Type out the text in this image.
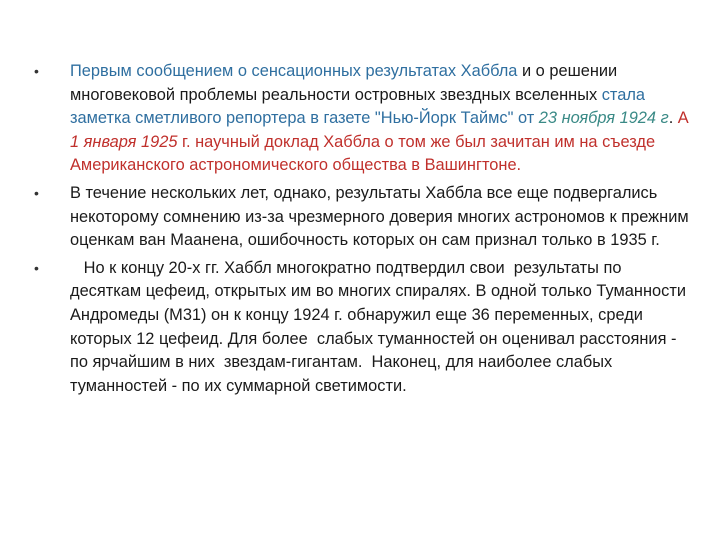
•	Первым сообщением о сенсационных результатах Хаббла и о решении многовековой проблемы реальности островных звездных вселенных стала заметка сметливого репортера в газете "Нью-Йорк Таймс" от 23 ноября 1924 г. А 1 января 1925 г. научный доклад Хаббла о том же был зачитан им на съезде Американского астрономического общества в Вашингтоне.
•	В течение нескольких лет, однако, результаты Хаббла все еще подвергались некоторому сомнению из-за чрезмерного доверия многих астрономов к прежним оценкам ван Маанена, ошибочность которых он сам признал только в 1935 г.
•	Но к концу 20-х гг. Хаббл многократно подтвердил свои  результаты по десяткам цефеид, открытых им во многих спиралях. В одной только Туманности Андромеды (М31) он к концу 1924 г. обнаружил еще 36 переменных, среди которых 12 цефеид. Для более  слабых туманностей он оценивал расстояния - по ярчайшим в них  звездам-гигантам.  Наконец, для наиболее слабых туманностей - по их суммарной светимости.
